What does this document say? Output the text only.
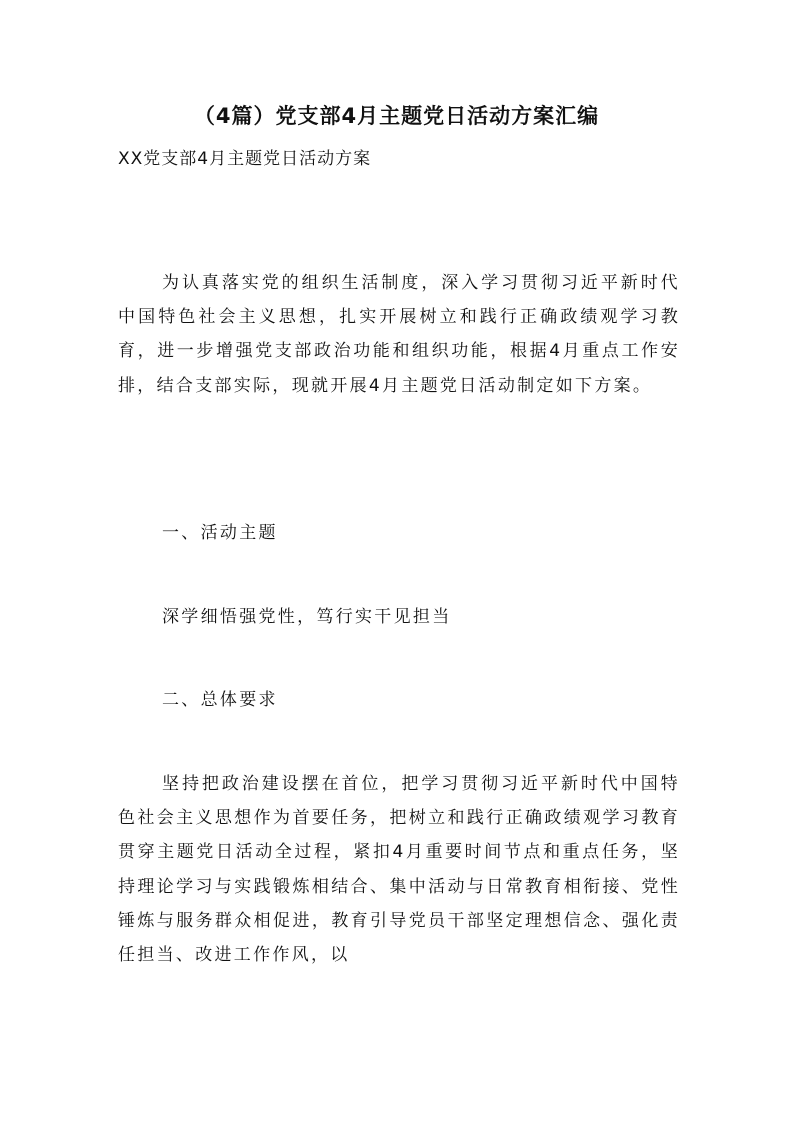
（4篇）党支部4月主题党日活动方案汇编
XX党支部4月主题党日活动方案

为认真落实党的组织生活制度，深入学习贯彻习近平新时代中国特色社会主义思想，扎实开展树立和践行正确政绩观学习教育，进一步增强党支部政治功能和组织功能，根据4月重点工作安排，结合支部实际，现就开展4月主题党日活动制定如下方案。

一、活动主题
深学细悟强党性，笃行实干见担当
二、总体要求

坚持把政治建设摆在首位，把学习贯彻习近平新时代中国特色社会主义思想作为首要任务，把树立和践行正确政绩观学习教育贯穿主题党日活动全过程，紧扣4月重要时间节点和重点任务，坚持理论学习与实践锻炼相结合、集中活动与日常教育相衔接、党性锤炼与服务群众相促进，教育引导党员干部坚定理想信念、强化责任担当、改进工作作风，以
